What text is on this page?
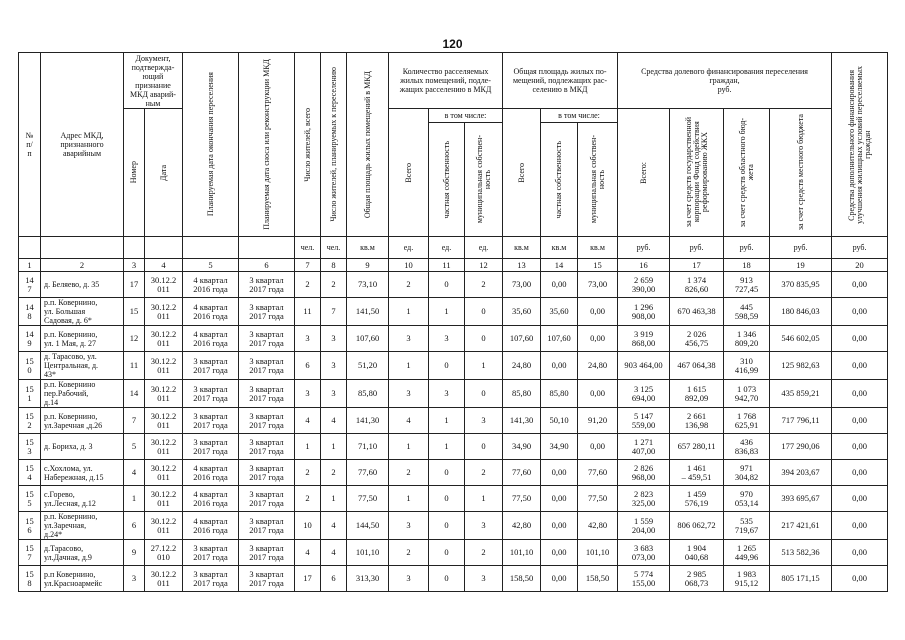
120
№
п/
п	Адрес МКД,
признанного
аварийным	Документ,
подтвержда-
ющий признание
МКД аварий-
ным		Планируемая дата окончания переселения	Планируемая дата сноса или реконструкции МКД	Число жителей, всего	Число жителей, планируемых к переселению	Общая площадь жилых помещений в МКД	Количество расселяемых
жилых помещений, подле-
жащих расселению в МКД			Общая площадь жилых по-
мещений, подлежащих рас-
селению в МКД			Средства долевого финансирования переселения
граждан,
руб.				Средства дополнительного финансирования
улучшения жилищных условий переселяемых
граждан

		Номер	Дата						Всего	в том числе:		Всего	в том числе:		Всего:	за счет средств государственной
корпорации Фонд содействия
реформированию ЖКХ	за счет средств областного бюд-
жета	за счет средств местного бюджета	

										частная собственность	муниципальная собствен-
ность		частная собственность	муниципальная собствен-
ность					

						чел.	чел.	кв.м	ед.	ед.	ед.	кв.м	кв.м	кв.м	руб.	руб.	руб.	руб.	руб.
1	2	3	4	5	6	7	8	9	10	11	12	13	14	15	16	17	18	19	20
14
7	д. Беляево, д. 35	17	30.12.2
011	4 квартал
2016 года	3 квартал
2017 года	2	2	73,10	2	0	2	73,00	0,00	73,00	2 659
390,00	1 374
826,60	913
727,45	370 835,95	0,00
14
8	р.п. Ковернино,
ул. Большая
Садовая, д. 6*	15	30.12.2
011	4 квартал
2016 года	3 квартал
2017 года	11	7	141,50	1	1	0	35,60	35,60	0,00	1 296
908,00	670 463,38	445
598,59	180 846,03	0,00
14
9	р.п. Ковернино,
ул. 1 Мая, д. 27	12	30.12.2
011	4 квартал
2016 года	3 квартал
2017 года	3	3	107,60	3	3	0	107,60	107,60	0,00	3 919
868,00	2 026
456,75	1 346
809,20	546 602,05	0,00
15
0	д. Тарасово, ул.
Центральная, д.
43*	11	30.12.2
011	3 квартал
2017 года	3 квартал
2017 года	6	3	51,20	1	0	1	24,80	0,00	24,80	903 464,00	467 064,38	310
416,99	125 982,63	0,00
15
1	р.п. Ковернино
пер.Рабочий,
д.14	14	30.12.2
011	3 квартал
2017 года	3 квартал
2017 года	3	3	85,80	3	3	0	85,80	85,80	0,00	3 125
694,00	1 615
892,09	1 073
942,70	435 859,21	0,00
15
2	р.п. Ковернино,
ул.Заречная ,д.26	7	30.12.2
011	3 квартал
2017 года	3 квартал
2017 года	4	4	141,30	4	1	3	141,30	50,10	91,20	5 147
559,00	2 661
136,98	1 768
625,91	717 796,11	0,00
15
3	д. Бориха, д. 3	5	30.12.2
011	3 квартал
2017 года	3 квартал
2017 года	1	1	71,10	1	1	0	34,90	34,90	0,00	1 271
407,00	657 280,11	436
836,83	177 290,06	0,00
15
4	с.Хохлома, ул.
Набережная, д.15	4	30.12.2
011	4 квартал
2016 года	3 квартал
2017 года	2	2	77,60	2	0	2	77,60	0,00	77,60	2 826
968,00	1 461
– 459,51	971
304,82	394 203,67	0,00
15
5	с.Горево,
ул.Лесная, д.12	1	30.12.2
011	4 квартал
2016 года	3 квартал
2017 года	2	1	77,50	1	0	1	77,50	0,00	77,50	2 823
325,00	1 459
576,19	970
053,14	393 695,67	0,00
15
6	р.п. Ковернино,
ул.Заречная,
д.24*	6	30.12.2
011	4 квартал
2016 года	3 квартал
2017 года	10	4	144,50	3	0	3	42,80	0,00	42,80	1 559
204,00	806 062,72	535
719,67	217 421,61	0,00
15
7	д.Тарасово,
ул.Дачная, д.9	9	27.12.2
010	3 квартал
2017 года	3 квартал
2017 года	4	4	101,10	2	0	2	101,10	0,00	101,10	3 683
073,00	1 904
040,68	1 265
449,96	513 582,36	0,00
15
8	р.п Ковернино,
ул.Красноармейс	3	30.12.2
011	3 квартал
2017 года	3 квартал
2017 года	17	6	313,30	3	0	3	158,50	0,00	158,50	5 774
155,00	2 985
068,73	1 983
915,12	805 171,15	0,00
